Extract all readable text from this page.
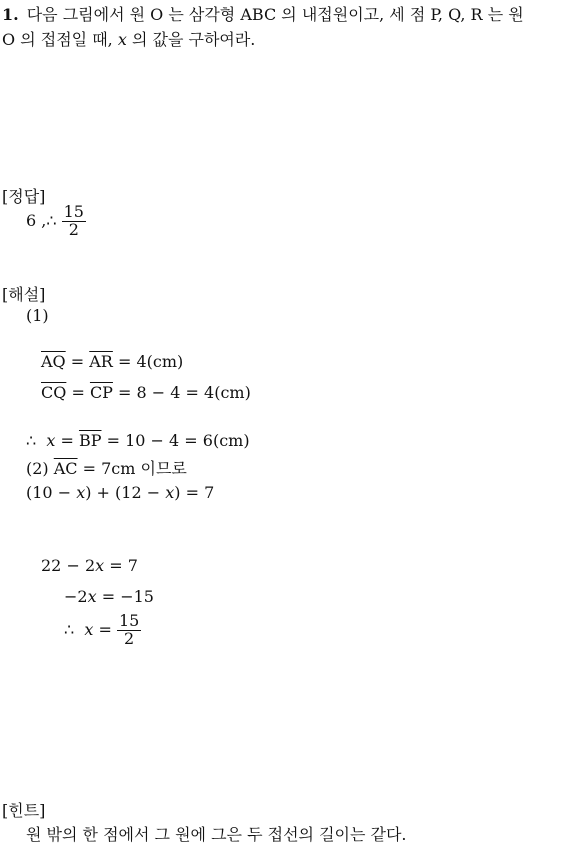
1. 다음 그림에서 원 O 는 삼각형 ABC 의 내접원이고, 세 점 P, Q, R 는 원
O 의 접점일 때, x 의 값을 구하여라.
[정답]
6 ,∴ $\frac{15}{2}$
[해설]
(1)
$\overline{AQ} = \overline{AR} = 4(cm)$
$\overline{CQ} = \overline{CP} = 8 - 4 = 4(cm)$
∴ $x = \overline{BP} = 10 - 4 = 6(cm)$
(2) $\overline{AC} = 7cm$ 이므로
(10 − x) + (12 − x) = 7
22 − 2x = 7
−2x = −15
∴ $x = \frac{15}{2}$
[힌트]
원 밖의 한 점에서 그 원에 그은 두 접선의 길이는 같다.
